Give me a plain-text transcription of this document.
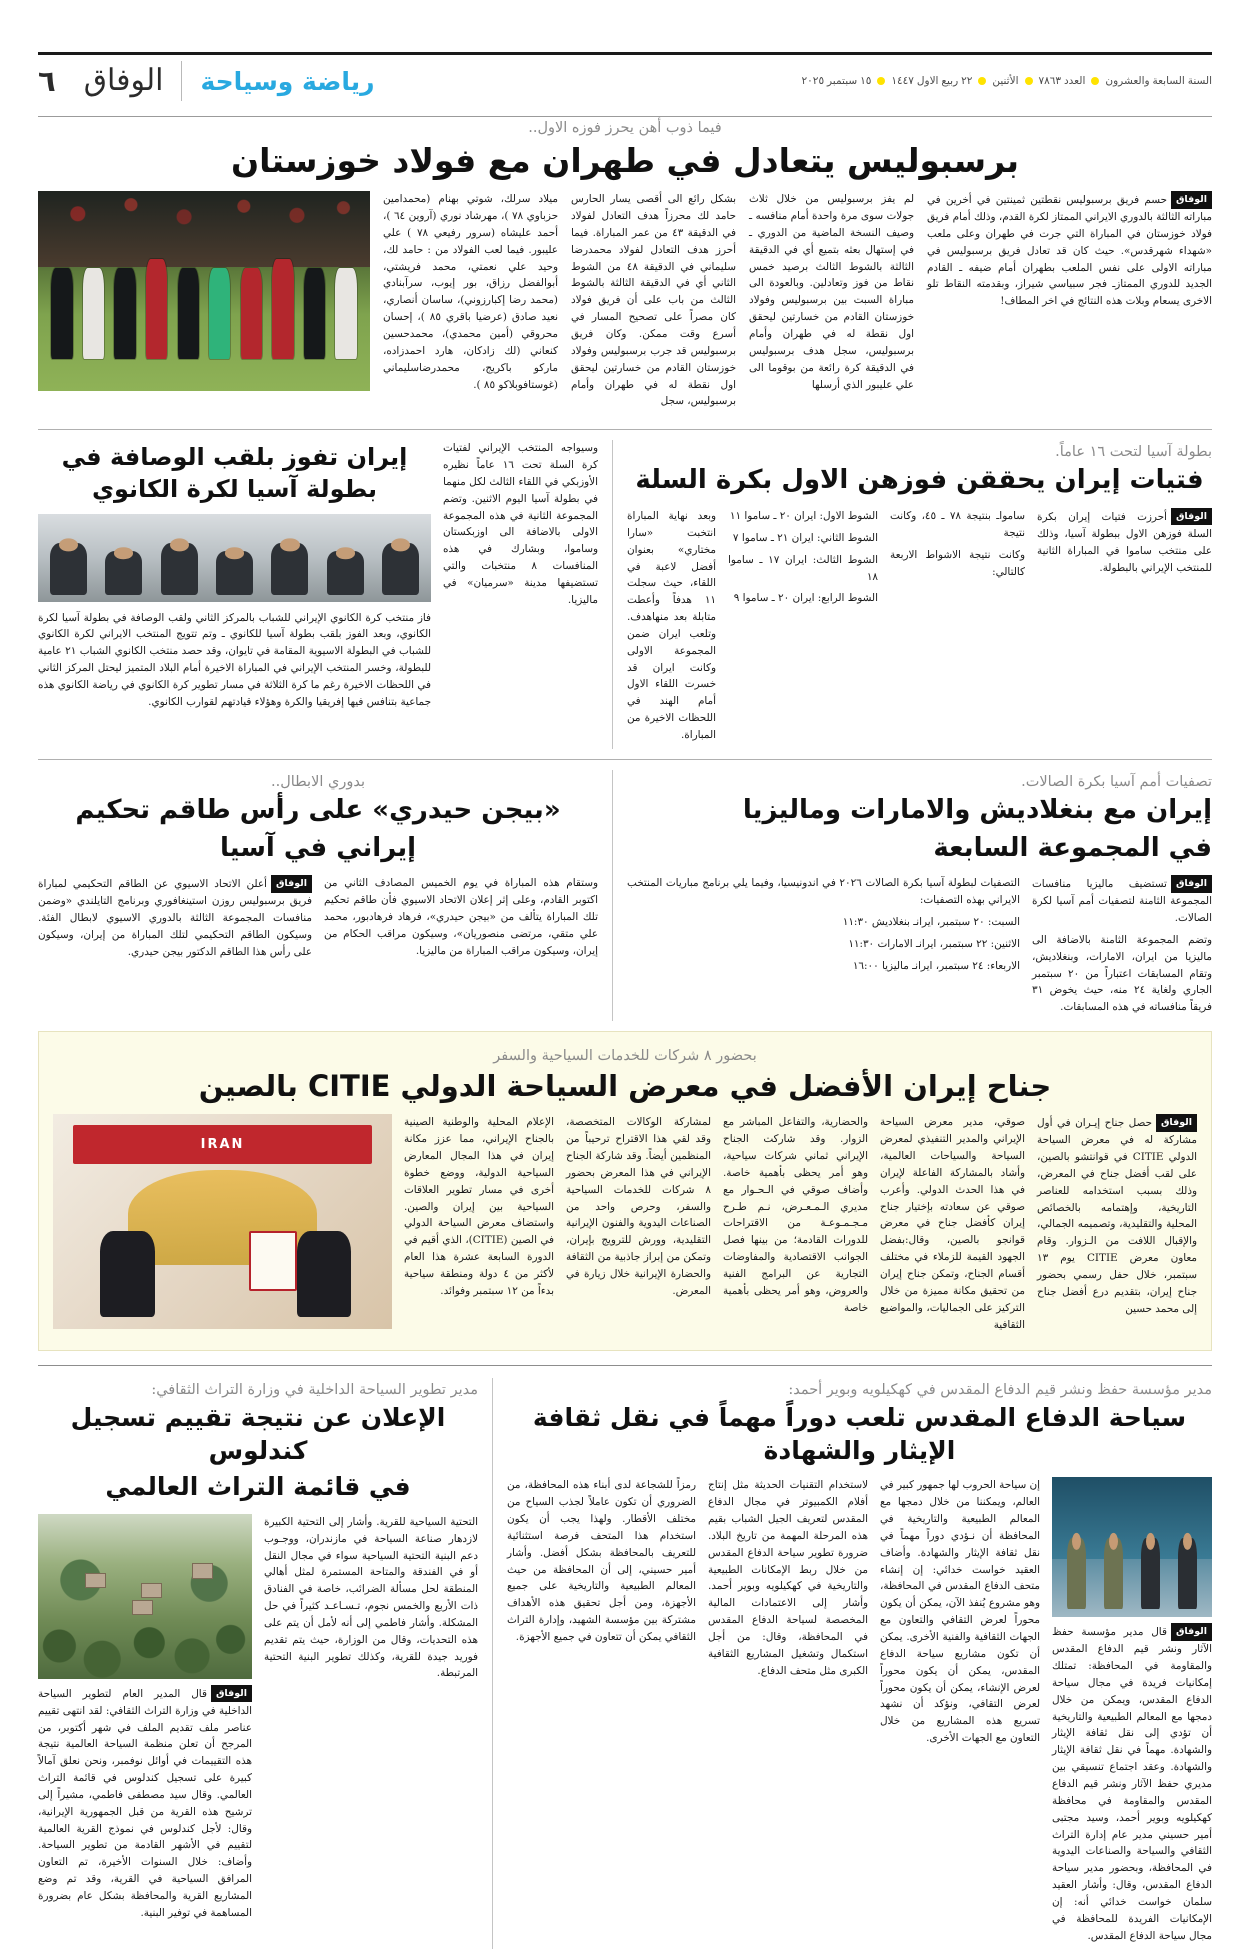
السنة السابعة والعشرون
العدد ٧٨٦٣
الأثنين
٢٢ ربيع الاول ١٤٤٧
١٥ سبتمبر ٢٠٢٥
رياضة وسياحة
الوفاق
٦
فيما ذوب أهن يحرز فوزه الاول..
برسبوليس يتعادل في طهران مع فولاد خوزستان

الوفاقحسم فريق برسبوليس نقطتين ثمينتين في أخرين في مباراته الثالثة بالدوري الايراني الممتاز لكرة القدم، وذلك أمام فريق فولاد خوزستان في المباراة التي جرت في طهران وعلى ملعب «شهداء شهرقدس». حيث كان قد تعادل فريق برسبوليس في مباراته الاولى على نفس الملعب بطهران أمام ضيفه ـ القادم الجديد للدوري الممتازـ فجر سبياسي شيراز، وبقدمته النقاط تلو الاخرى يسعام وبلات هذه النتائج في اخر المطاف!

لم يفز برسبوليس من خلال ثلاث جولات سوى مرة واحدة أمام منافسه ـ وصيف النسخة الماضية من الدوري ـ في إستهال بعثه بتميع أي في الدقيقة الثالثة بالشوط الثالث برصيد خمس نقاط من فوز وتعادلين. وبالعودة الى مباراة السبت بين برسبوليس وفولاد خوزستان القادم من خسارتين ليحقق اول نقطة له في طهران وأمام برسبوليس، سجل هدف برسبوليس في الدقيقة كرة رائعة من بوقوما الى علي عليبور الذي أرسلها

بشكل رائع الى أقصى يسار الحارس حامد لك محرزاً هدف التعادل لفولاد في الدقيقة ٤٣ من عمر المباراة. فيما أحرز هدف التعادل لفولاد محمدرضا سليماني في الدقيقة ٤٨ من الشوط الثاني أي في الدقيقة الثالثة بالشوط الثالث من باب على أن فريق فولاد كان مصراً على تصحيح المسار في أسرع وقت ممكن. وكان فريق برسبوليس قد جرب برسبوليس وفولاد خوزستان القادم من خسارتين ليحقق اول نقطة له في طهران وأمام برسبوليس، سجل

ميلاد سرلك، شوتي بهنام (محمدامين حزباوي ٧٨ )، مهرشاد نوري (آروين ٦٤ )، أحمد عليشاه (سرور رفيعي ٧٨ ) علي عليبور. فيما لعب الفولاد من : حامد لك، وحيد علي نعمتي، محمد فريشتي، أبوالفضل رزاق، بور إيوب، سرآبنادي (محمد رضا إكبارزوني)، ساسان أنصاري، نعيد صادق (عرضيا باقري ٨٥ )، إحسان محروقي (أمين محمدي)، محمدحسين كنعاني (لك زادكان، هارد احمدزاده، مارکو باكريج، محمدرضاسليماني (غوستافوبلاكو ٨٥ ).

بطولة آسيا لتحت ١٦ عاماً.
فتيات إيران يحققن فوزهن الاول بكرة السلة

الوفاقأحرزت فتيات إيران بكرة السلة فوزهن الاول ببطولة آسيا، وذلك على منتخب ساموا في المباراة الثانية للمنتخب الإيراني بالبطولة.

سامواـ بنتيجة ٧٨ ـ ٤٥، وكانت نتيجة

وكانت نتيجة الاشواط الاربعة كالتالي:

الشوط الاول: ايران ٢٠ ـ ساموا ١١

الشوط الثاني: ايران ٢١ ـ ساموا ٧

الشوط الثالث: ايران ١٧ ـ ساموا ١٨

الشوط الرابع: ايران ٢٠ ـ ساموا ٩

وبعد نهاية المباراة انتخبت «سارا مختاري» بعنوان أفضل لاعبة في اللقاء، حيث سجلت ١١ هدفاً وأعطت متابلة بعد منهاهدف. وتلعب ايران ضمن المجموعة الاولى وكانت ايران قد خسرت اللقاء الاول أمام الهند في اللحظات الاخيرة من المباراة.

وسيواجه المنتخب الإيراني لفتيات كرة السلة تحت ١٦ عاماً نظيره الأوزبكي في اللقاء الثالث لكل منهما في بطولة آسيا اليوم الاثنين. وتضم المجموعة الثانية في هذه المجموعة الاولى بالاضافة الى اوزبكستان وساموا، وبشارك في هذه المنافسات ٨ منتخبات والتي تستضيفها مدينة «سرميان» في ماليزيا.

إيران تفوز بلقب الوصافة في بطولة آسيا لكرة الكانوي

فاز منتخب كرة الكانوي الإيراني للشباب بالمركز الثاني ولقب الوصافة في بطولة آسيا لكرة الكانوي، وبعد الفوز بلقب بطولة آسيا للكانوي ـ وتم تتويج المنتخب الايراني لكرة الكانوي للشباب في البطولة الاسيوية المقامة في تايوان، وقد حصد منتخب الكانوي الشباب ٢١ عامية للبطولة، وخسر المنتخب الإيراني في المباراة الاخيرة أمام البلاد المتميز ليحتل المركز الثاني في اللحظات الاخيرة رغم ما كرة الثلاثة في مسار تطوير كرة الكانوي في رياضة الكانوي هذه جماعية بتنافس فيها إفريقيا والكرة وهؤلاء قيادتهم لقوارب الكانوي.

تصفيات أمم آسيا بكرة الصالات.
إيران مع بنغلاديش والامارات وماليزيا
في المجموعة السابعة

الوفاقتستضيف ماليزيا منافسات المجموعة الثامنة لتصفيات أمم آسيا لكرة الصالات.

وتضم المجموعة الثامنة بالاضافة الى ماليزيا من ايران، الامارات، وبنغلاديش، وتقام المسابقات اعتباراً من ٢٠ سبتمبر الجاري ولغاية ٢٤ منه، حيث يخوض ٣١ فريقاً منافساته في هذه المسابقات.

التصفيات لبطولة آسيا بكرة الصالات ٢٠٢٦ في اندونيسيا، وفيما يلي برنامج مباريات المنتخب الايراني بهذه التصفيات:

السبت: ٢٠ سبتمبر، ايرانـ بنغلاديش ١١:٣٠

الاثنين: ٢٢ سبتمبر، ايرانـ الامارات ١١:٣٠

الاربعاء: ٢٤ سبتمبر، ايرانـ ماليزيا ١٦:٠٠

بدوري الابطال..
«بيجن حيدري» على رأس طاقم تحكيم
إيراني في آسيا

وستقام هذه المباراة في يوم الخميس المصادف الثاني من اكتوبر القادم، وعلى إثر إعلان الاتحاد الاسيوي فأن طاقم تحكيم تلك المباراة يتألف من «بيجن حيدري»، فرهاد فرهادبور، محمد علي متقي، مرتضى منصوريان»، وسيكون مراقب الحكام من إيران، وسيكون مراقب المباراة من ماليزيا.

الوفاقأعلن الاتحاد الاسيوي عن الطاقم التحكيمي لمباراة فريق برسبوليس روزن استينغافوري وبرنامج التايلندي «وضمن منافسات المجموعة الثالثة بالدوري الاسيوي لابطال الفئة. وسيكون الطاقم التحكيمي لتلك المباراة من إيران، وسيكون على رأس هذا الطاقم الدكتور بيجن حيدري.

بحضور ٨ شركات للخدمات السياحية والسفر
جناح إيران الأفضل في معرض السياحة الدولي CITIE بالصين

الوفاقحصل جناح إيـران في أول مشاركة له في معرض السياحة الدولي CITIE في قوانتشو بالصين، على لقب أفضل جناح في المعرض، وذلك بسبب استخدامه للعناصر التاريخية، وإهتمامه بالخصائص المحلية والتقليدية، وتصميمه الجمالي، والإقبال اللافت من الـزوار. وقام معاون معرض CITIE يوم ١٣ سبتمبر، خلال حفل رسمي بحضور جناح إيران، بتقديم درع أفضل جناح إلى محمد حسين

صوقي، مدير معرض السياحة الإيراني والمدير التنفيذي لمعرض السياحة والسياحات العالمية، وأشاد بالمشاركة الفاعلة لإيران في هذا الحدث الدولي. وأعرب صوقي عن سعادته بإختيار جناح إيران كأفضل جناح في معرض قوانجو بالصين، وقال:بفضل الجهود القيمة للزملاء في مختلف أقسام الجناح، وتمكن جناح إيران من تحقيق مكانة مميزة من خلال التركيز على الجماليات، والمواضيع الثقافية

والحضارية، والتفاعل المباشر مع الزوار. وقد شاركت الجناح الإيراني ثماني شركات سياحية، وهو أمر يحظى بأهمية خاصة. وأضاف صوقي في الـحـوار مع مديري الـمـعـرض، نـم طـرح مـجـمـوعـة من الاقتراحات للدورات القادمة؛ من بينها فصل الجوانب الاقتصادية والمفاوضات التجارية عن البرامج الفنية والعروض، وهو أمر يحظى بأهمية خاصة

لمشاركة الوكالات المتخصصة، وقد لقي هذا الاقتراح ترحيباً من المنظمين أيضاً. وقد شاركة الجناح الإيراني في هذا المعرض بحضور ٨ شركات للخدمات السياحية والسفر، وحرص واحد من الصناعات اليدوية والفنون الإيرانية التقليدية، وورش للترويج بإيران، وتمكن من إبراز جاذبية من الثقافة والحضارة الإيرانية خلال زيارة في المعرض.

الإعلام المحلية والوطنية الصينية بالجناح الإيراني، مما عزز مكانة إيران في هذا المجال المعارض السياحية الدولية، ووضع خطوة أخرى في مسار تطوير العلاقات السياحية بين إيران والصين. واستضاف معرض السياحة الدولي في الصين (CITIE)، الذي أقيم في الدورة السابعة عشرة هذا العام لأكثر من ٤ دولة ومنطقة سياحية بدءاً من ١٢ سبتمبر وفوائد.

IRAN
مدير مؤسسة حفظ ونشر قيم الدفاع المقدس في كهكيلويه وبوير أحمد:
سياحة الدفاع المقدس تلعب دوراً مهماً في نقل ثقافة الإيثار والشهادة

الوفاققال مدير مؤسسة حفظ الآثار ونشر قيم الدفاع المقدس والمقاومة في المحافظة: تمتلك إمكانيات فريدة في مجال سياحة الدفاع المقدس، ويمكن من خلال دمجها مع المعالم الطبيعية والتاريخية أن تؤدي إلى نقل ثقافة الإيثار والشهادة. مهماً في نقل ثقافة الإيثار والشهادة. وعقد اجتماع تنسيقي بين مديري حفظ الآثار ونشر قيم الدفاع المقدس والمقاومة في محافظة كهكيلويه وبوير أحمد، وسيد مجتبى أمير حسيني مدير عام إدارة التراث الثقافي والسياحة والصناعات اليدوية في المحافظة، وبحضور مدير سياحة الدفاع المقدس، وقال: وأشار العقيد سلمان خواست خدائي أنه: إن الإمكانيات الفريدة للمحافظة في مجال سياحة الدفاع المقدس.

إن سياحة الحروب لها جمهور كبير في العالم، ويمكننا من خلال دمجها مع المعالم الطبيعية والتاريخية في المحافظة أن نـؤدي دوراً مهماً في نقل ثقافة الإيثار والشهادة. وأضاف العقيد خواست خدائي: إن إنشاء متحف الدفاع المقدس في المحافظة، وهو مشروع يُنفذ الآن، يمكن أن يكون محوراً لعرض التقافي والتعاون مع الجهات الثقافية والفنية الأخرى. يمكن أن تكون مشاريع سياحة الدفاع المقدس، يمكن أن يكون محوراً لعرض الإنشاء، يمكن أن يكون محوراً لعرض التقافي، ونؤكد أن نشهد تسريع هذه المشاريع من خلال التعاون مع الجهات الأخرى.

لاستخدام التقنيات الحديثة مثل إنتاج أفلام الكمبيوتر في مجال الدفاع المقدس لتعريف الجيل الشباب بقيم هذه المرحلة المهمة من تاريخ البلاد. ضرورة تطوير سياحة الدفاع المقدس من خلال ربط الإمكانات الطبيعية والتاريخية في كهكيلويه وبوير أحمد. وأشار إلى الاعتمادات المالية المخصصة لسياحة الدفاع المقدس في المحافظة، وقال: من أجل استكمال وتشغيل المشاريع الثقافية الكبرى مثل متحف الدفاع.

رمزاً للشجاعة لدى أبناء هذه المحافظة، من الضروري أن تكون عاملاً لجذب السياح من مختلف الأقطار. ولهذا يجب أن يكون استخدام هذا المتحف فرصة استثنائية للتعريف بالمحافظة بشكل أفضل. وأشار أمير حسيني، إلى أن المحافظة من حيث المعالم الطبيعية والتاريخية على جميع الأجهزة، ومن أجل تحقيق هذه الأهداف مشتركة بين مؤسسة الشهيد، وإدارة التراث الثقافي يمكن أن تتعاون في جميع الأجهزة.

مدير تطوير السياحة الداخلية في وزارة التراث الثقافي:
الإعلان عن نتيجة تقييم تسجيل كندلوس
في قائمة التراث العالمي

التحتية السياحية للقرية. وأشار إلى التحتية الكبيرة لازدهار صناعة السياحة في مازندران، ووجـوب دعم البنية التحتية السياحية سواء في مجال النقل أو في الفندقة والمتاحة المستمرة لمثل أهالي المنطقة لحل مسألة الضرائب، خاصة في الفنادق ذات الأربع والخمس نجوم، تـسـاعـد كثيراً في حل المشكلة. وأشار فاطمي إلى أنه لأمل أن يتم على هذه التحديات، وقال من الوزارة، حيث يتم تقديم فوريد جيدة للقرية، وكذلك تطوير البنية التحتية المرتبطة.

الوفاققال المدير العام لتطوير السياحة الداخلية في وزارة التراث الثقافي: لقد انتهى تقييم عناصر ملف تقديم الملف في شهر أكتوبر، من المرجح أن تعلن منظمة السياحة العالمية نتيجة هذه التقييمات في أوائل نوفمبر، ونحن نعلق آمالاً كبيرة على تسجيل كندلوس في قائمة التراث العالمي. وقال سيد مصطفى فاطمي، مشيراً إلى ترشيح هذه القرية من قبل الجمهورية الإيرانية، وقال: لأجل كندلوس في نموذج القرية العالمية لتقييم في الأشهر القادمة من تطوير السياحة. وأضاف: خلال السنوات الأخيرة، تم التعاون المرافق السياحية في القرية، وقد تم وضع المشاريع القرية والمحافظة بشكل عام بضرورة المساهمة في توفير البنية.
